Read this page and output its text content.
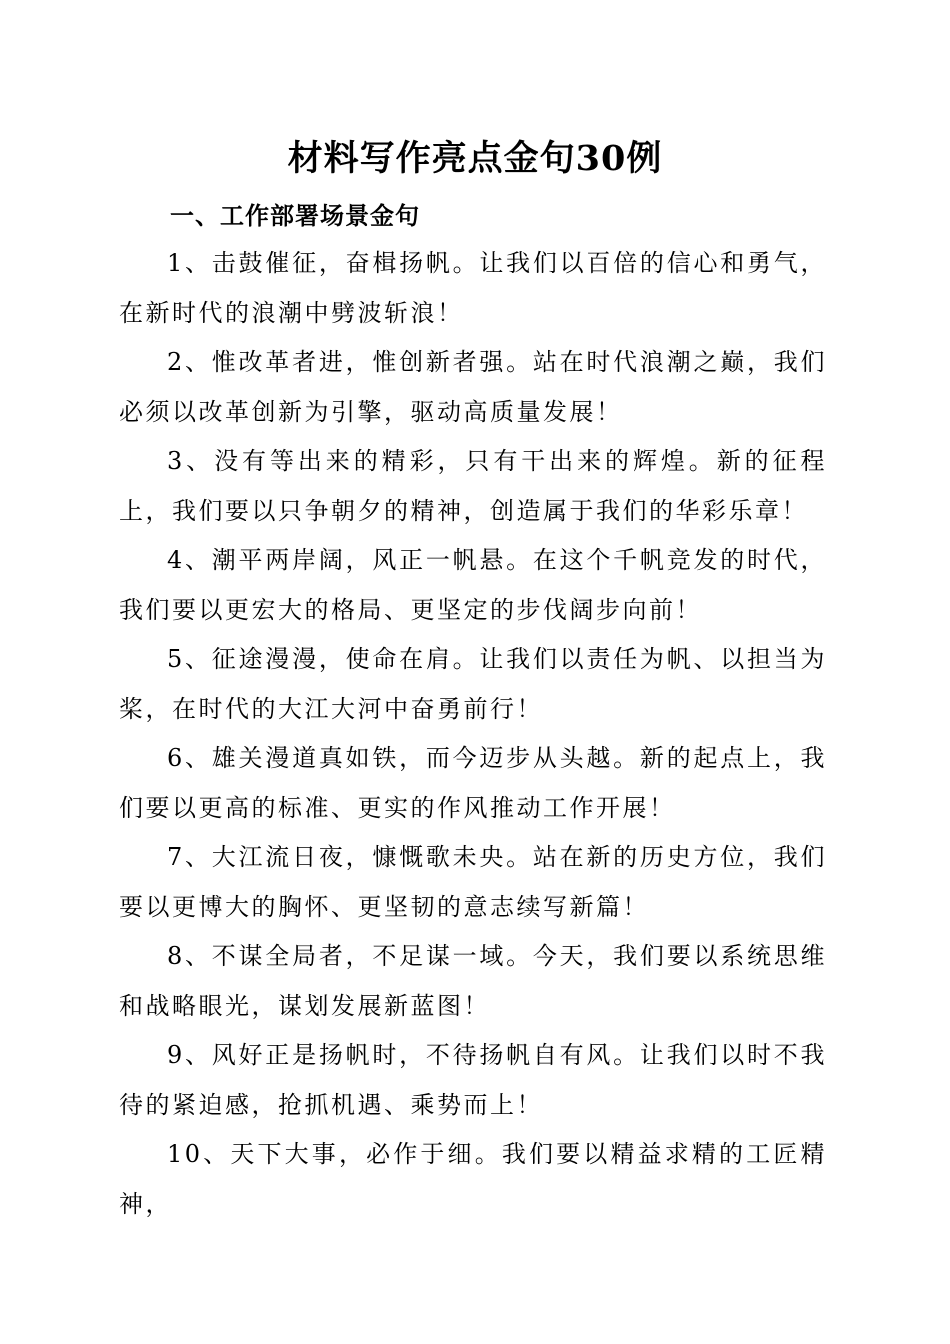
材料写作亮点金句30例
一、工作部署场景金句

1、击鼓催征，奋楫扬帆。让我们以百倍的信心和勇气，在新时代的浪潮中劈波斩浪！

2、惟改革者进，惟创新者强。站在时代浪潮之巅，我们必须以改革创新为引擎，驱动高质量发展！

3、没有等出来的精彩，只有干出来的辉煌。新的征程上，我们要以只争朝夕的精神，创造属于我们的华彩乐章！

4、潮平两岸阔，风正一帆悬。在这个千帆竞发的时代，我们要以更宏大的格局、更坚定的步伐阔步向前！

5、征途漫漫，使命在肩。让我们以责任为帆、以担当为桨，在时代的大江大河中奋勇前行！

6、雄关漫道真如铁，而今迈步从头越。新的起点上，我们要以更高的标准、更实的作风推动工作开展！

7、大江流日夜，慷慨歌未央。站在新的历史方位，我们要以更博大的胸怀、更坚韧的意志续写新篇！

8、不谋全局者，不足谋一域。今天，我们要以系统思维和战略眼光，谋划发展新蓝图！

9、风好正是扬帆时，不待扬帆自有风。让我们以时不我待的紧迫感，抢抓机遇、乘势而上！

10、天下大事，必作于细。我们要以精益求精的工匠精神，
